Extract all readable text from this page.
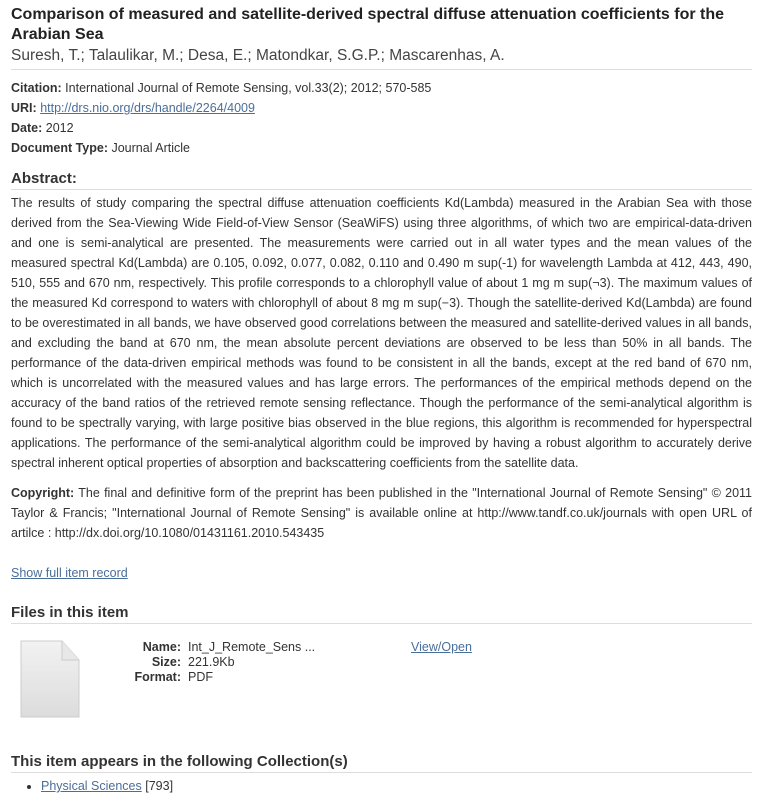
Comparison of measured and satellite-derived spectral diffuse attenuation coefficients for the Arabian Sea
Suresh, T.; Talaulikar, M.; Desa, E.; Matondkar, S.G.P.; Mascarenhas, A.
Citation: International Journal of Remote Sensing, vol.33(2); 2012; 570-585
URI: http://drs.nio.org/drs/handle/2264/4009
Date: 2012
Document Type: Journal Article
Abstract:
The results of study comparing the spectral diffuse attenuation coefficients Kd(Lambda) measured in the Arabian Sea with those derived from the Sea-Viewing Wide Field-of-View Sensor (SeaWiFS) using three algorithms, of which two are empirical-data-driven and one is semi-analytical are presented. The measurements were carried out in all water types and the mean values of the measured spectral Kd(Lambda) are 0.105, 0.092, 0.077, 0.082, 0.110 and 0.490 m sup(-1) for wavelength Lambda at 412, 443, 490, 510, 555 and 670 nm, respectively. This profile corresponds to a chlorophyll value of about 1 mg m sup(¬3). The maximum values of the measured Kd correspond to waters with chlorophyll of about 8 mg m sup(−3). Though the satellite-derived Kd(Lambda) are found to be overestimated in all bands, we have observed good correlations between the measured and satellite-derived values in all bands, and excluding the band at 670 nm, the mean absolute percent deviations are observed to be less than 50% in all bands. The performance of the data-driven empirical methods was found to be consistent in all the bands, except at the red band of 670 nm, which is uncorrelated with the measured values and has large errors. The performances of the empirical methods depend on the accuracy of the band ratios of the retrieved remote sensing reflectance. Though the performance of the semi-analytical algorithm is found to be spectrally varying, with large positive bias observed in the blue regions, this algorithm is recommended for hyperspectral applications. The performance of the semi-analytical algorithm could be improved by having a robust algorithm to accurately derive spectral inherent optical properties of absorption and backscattering coefficients from the satellite data.
Copyright: The final and definitive form of the preprint has been published in the "International Journal of Remote Sensing" © 2011 Taylor & Francis; "International Journal of Remote Sensing" is available online at http://www.tandf.co.uk/journals with open URL of artilce : http://dx.doi.org/10.1080/01431161.2010.543435
Show full item record
Files in this item
Name: Int_J_Remote_Sens ...
Size: 221.9Kb
Format: PDF
View/Open
This item appears in the following Collection(s)
• Physical Sciences [793]
